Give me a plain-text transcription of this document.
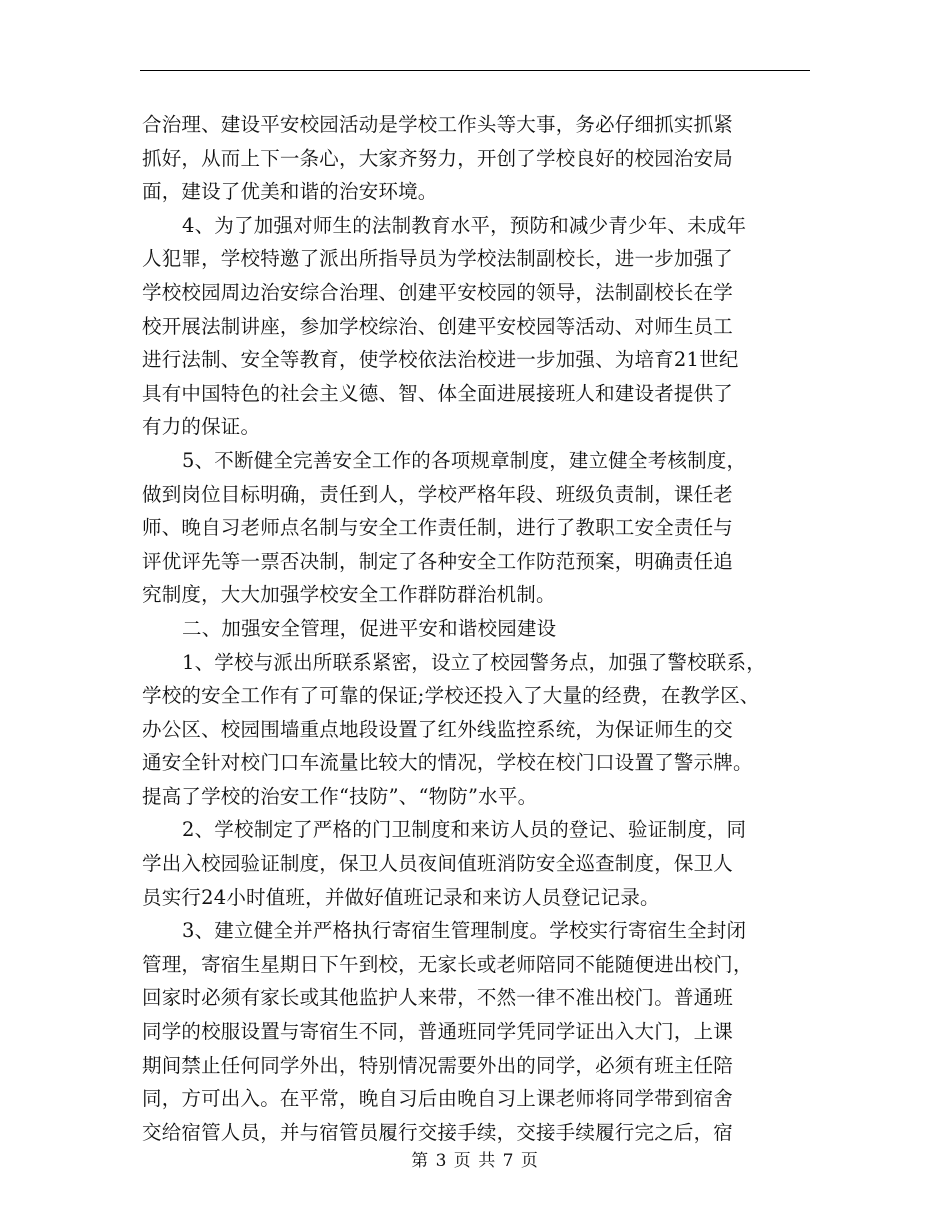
合治理、建设平安校园活动是学校工作头等大事，务必仔细抓实抓紧
抓好，从而上下一条心，大家齐努力，开创了学校良好的校园治安局
面，建设了优美和谐的治安环境。
4、为了加强对师生的法制教育水平，预防和减少青少年、未成年
人犯罪，学校特邀了派出所指导员为学校法制副校长，进一步加强了
学校校园周边治安综合治理、创建平安校园的领导，法制副校长在学
校开展法制讲座，参加学校综治、创建平安校园等活动、对师生员工
进行法制、安全等教育，使学校依法治校进一步加强、为培育21世纪
具有中国特色的社会主义德、智、体全面进展接班人和建设者提供了
有力的保证。
5、不断健全完善安全工作的各项规章制度，建立健全考核制度，
做到岗位目标明确，责任到人，学校严格年段、班级负责制，课任老
师、晚自习老师点名制与安全工作责任制，进行了教职工安全责任与
评优评先等一票否决制，制定了各种安全工作防范预案，明确责任追
究制度，大大加强学校安全工作群防群治机制。
二、加强安全管理，促进平安和谐校园建设
1、学校与派出所联系紧密，设立了校园警务点，加强了警校联系，
学校的安全工作有了可靠的保证;学校还投入了大量的经费，在教学区、
办公区、校园围墙重点地段设置了红外线监控系统，为保证师生的交
通安全针对校门口车流量比较大的情况，学校在校门口设置了警示牌。
提高了学校的治安工作“技防”、“物防”水平。
2、学校制定了严格的门卫制度和来访人员的登记、验证制度，同
学出入校园验证制度，保卫人员夜间值班消防安全巡查制度，保卫人
员实行24小时值班，并做好值班记录和来访人员登记记录。
3、建立健全并严格执行寄宿生管理制度。学校实行寄宿生全封闭
管理，寄宿生星期日下午到校，无家长或老师陪同不能随便进出校门，
回家时必须有家长或其他监护人来带，不然一律不准出校门。普通班
同学的校服设置与寄宿生不同，普通班同学凭同学证出入大门，上课
期间禁止任何同学外出，特别情况需要外出的同学，必须有班主任陪
同，方可出入。在平常，晚自习后由晚自习上课老师将同学带到宿舍
交给宿管人员，并与宿管员履行交接手续，交接手续履行完之后，宿
第 3 页 共 7 页
